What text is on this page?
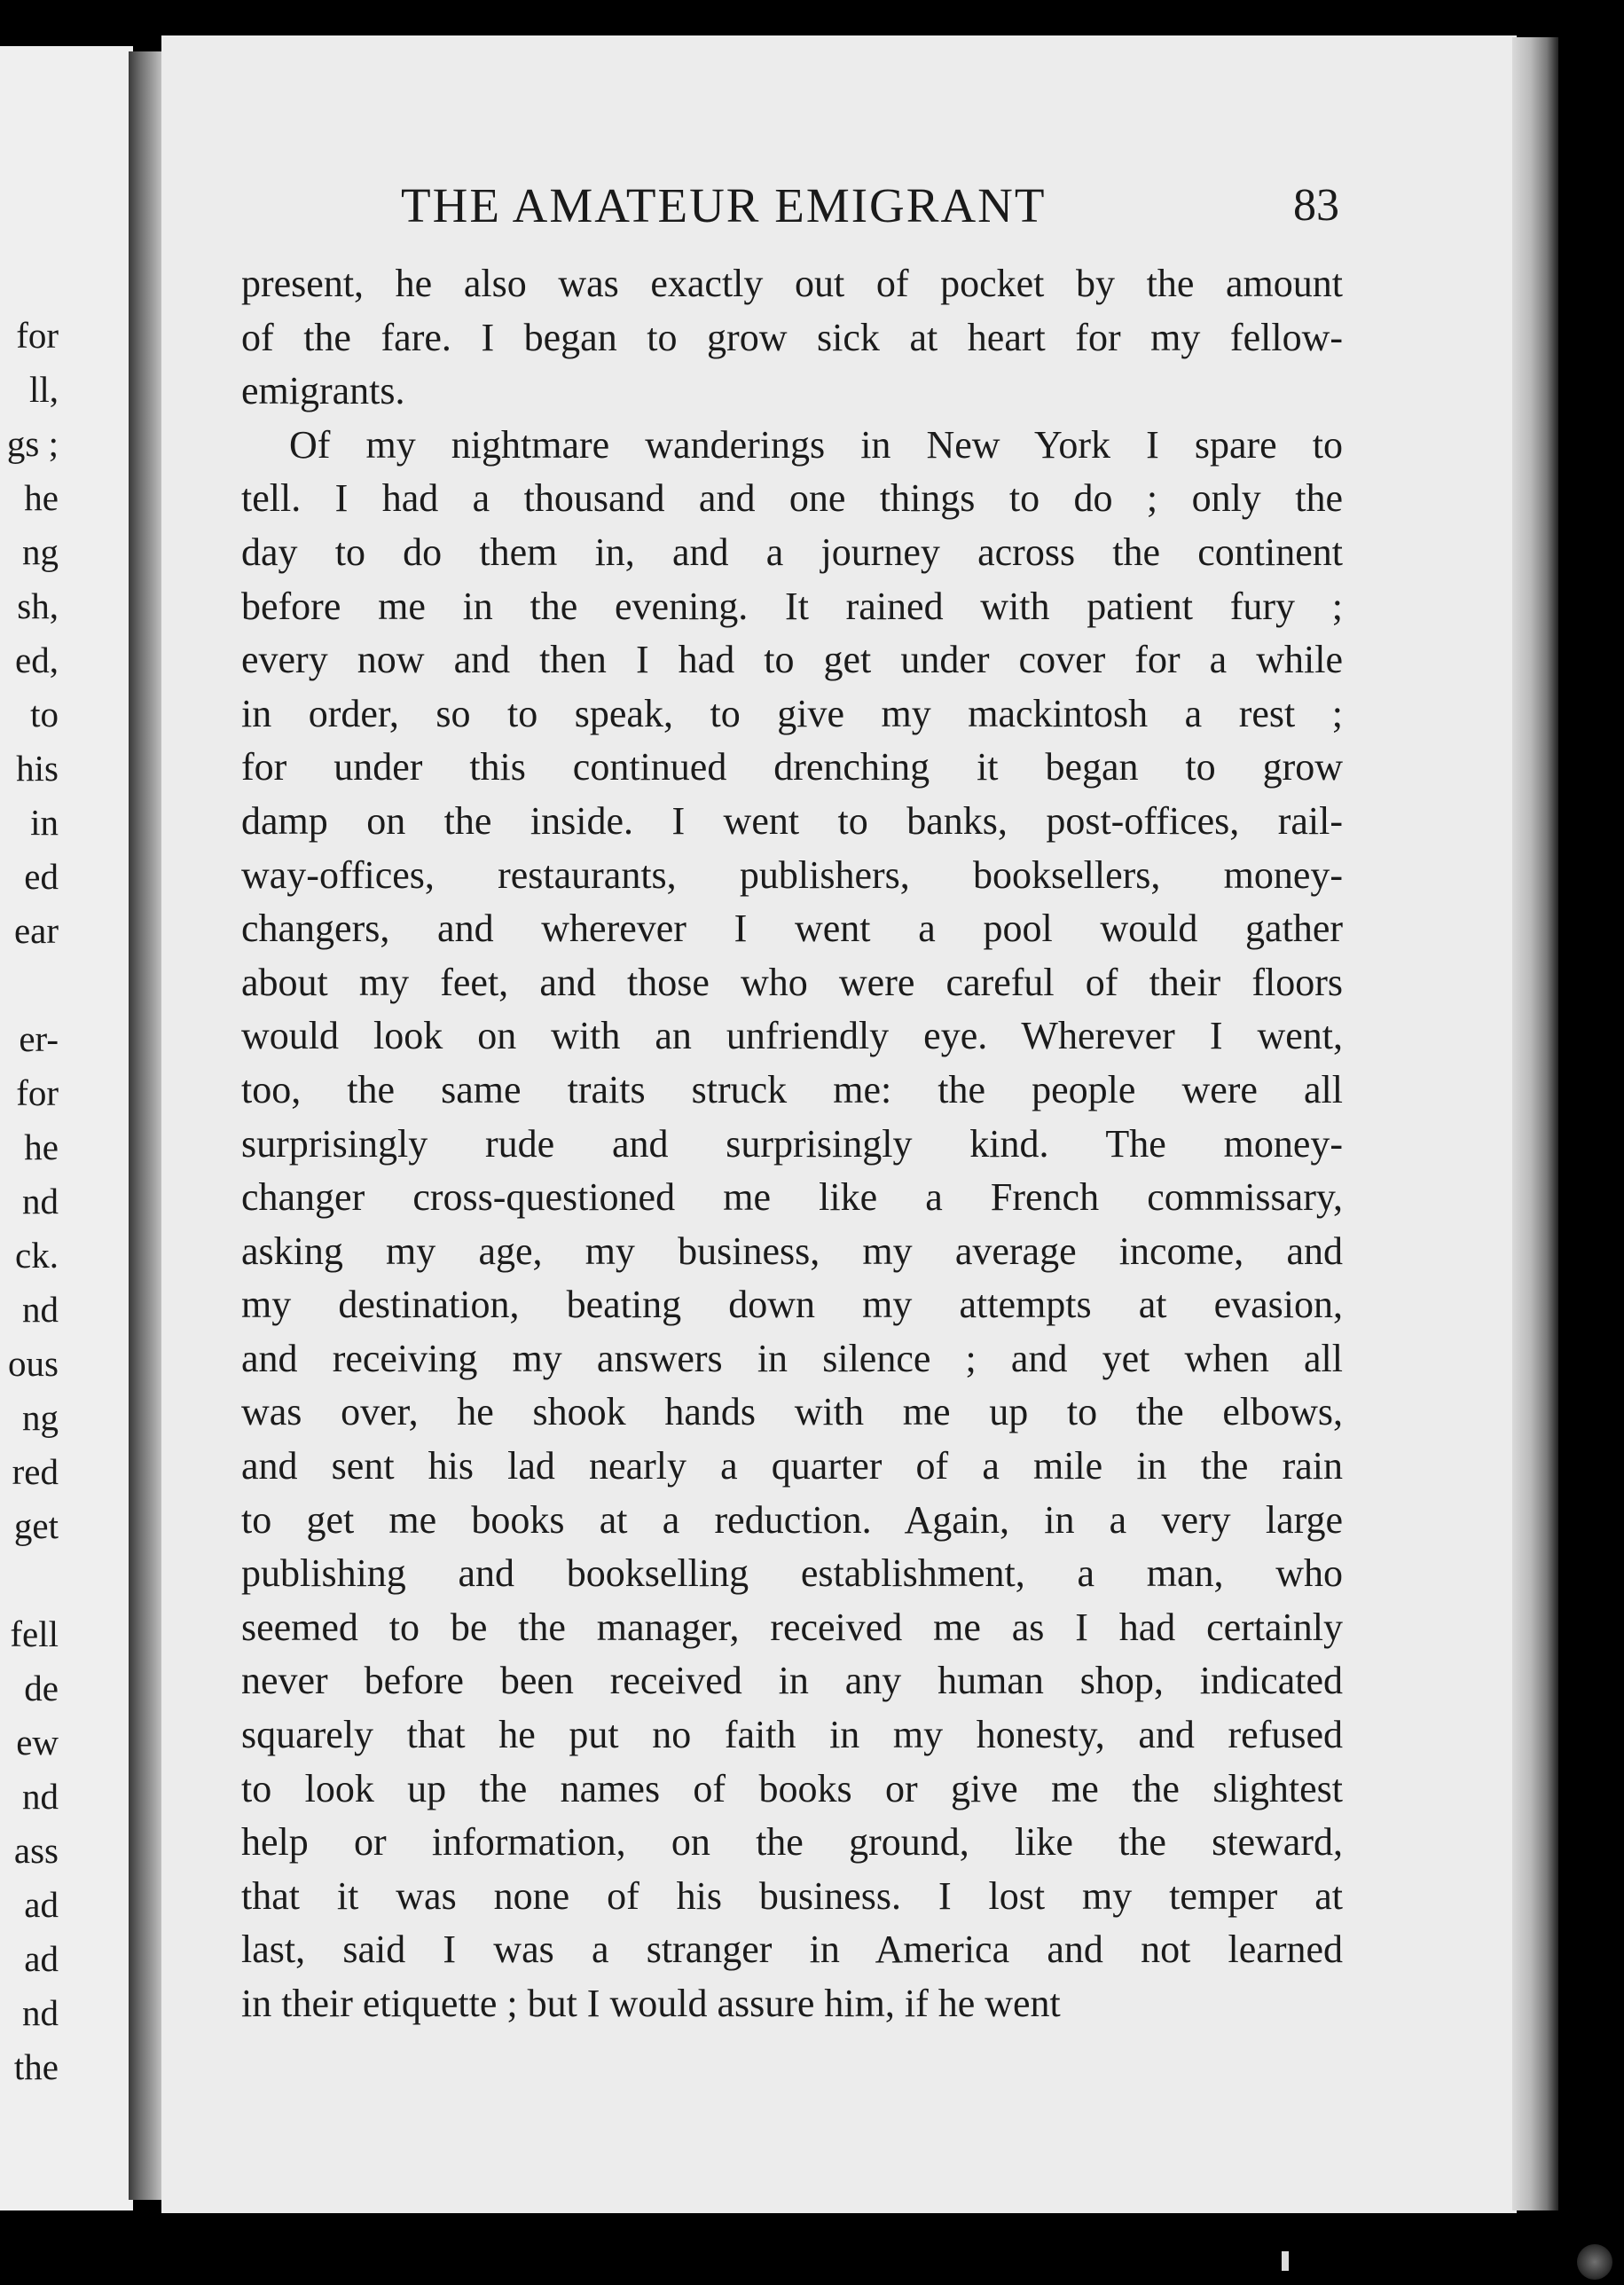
for
ll,
gs ;
he
ng
sh,
ed,
to
his
in
ed
ear
er-
for
he
nd
ck.
nd
ous
ng
red
get
fell
de
ew
nd
ass
ad
ad
nd
the
THE AMATEUR EMIGRANT	83
present, he also was exactly out of pocket by the amount
of the fare. I began to grow sick at heart for my fellow-
emigrants.
Of my nightmare wanderings in New York I spare to
tell. I had a thousand and one things to do ; only the
day to do them in, and a journey across the continent
before me in the evening. It rained with patient fury ;
every now and then I had to get under cover for a while
in order, so to speak, to give my mackintosh a rest ;
for under this continued drenching it began to grow
damp on the inside. I went to banks, post-offices, rail-
way-offices, restaurants, publishers, booksellers, money-
changers, and wherever I went a pool would gather
about my feet, and those who were careful of their floors
would look on with an unfriendly eye. Wherever I went,
too, the same traits struck me: the people were all
surprisingly rude and surprisingly kind. The money-
changer cross-questioned me like a French commissary,
asking my age, my business, my average income, and
my destination, beating down my attempts at evasion,
and receiving my answers in silence ; and yet when all
was over, he shook hands with me up to the elbows,
and sent his lad nearly a quarter of a mile in the rain
to get me books at a reduction. Again, in a very large
publishing and bookselling establishment, a man, who
seemed to be the manager, received me as I had certainly
never before been received in any human shop, indicated
squarely that he put no faith in my honesty, and refused
to look up the names of books or give me the slightest
help or information, on the ground, like the steward,
that it was none of his business. I lost my temper at
last, said I was a stranger in America and not learned
in their etiquette ; but I would assure him, if he went
